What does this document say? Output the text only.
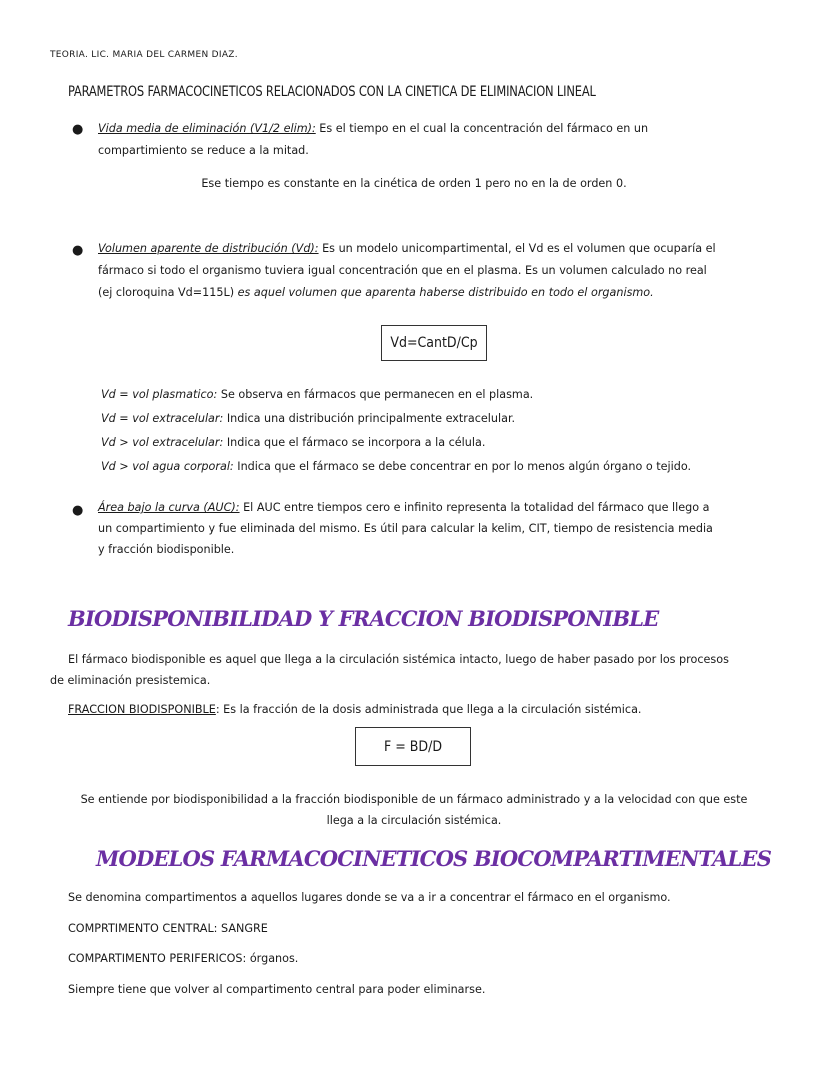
TEORIA. LIC. MARIA DEL CARMEN DIAZ.
PARAMETROS FARMACOCINETICOS RELACIONADOS CON LA CINETICA DE ELIMINACION LINEAL
● Vida media de eliminación (V1/2 elim): Es el tiempo en el cual la concentración del fármaco en un
compartimiento se reduce a la mitad.
Ese tiempo es constante en la cinética de orden 1 pero no en la de orden 0.
● Volumen aparente de distribución (Vd): Es un modelo unicompartimental, el Vd es el volumen que ocuparía el
fármaco si todo el organismo tuviera igual concentración que en el plasma. Es un volumen calculado no real
(ej cloroquina Vd=115L) es aquel volumen que aparenta haberse distribuido en todo el organismo.
Vd=CantD/Cp
Vd = vol plasmatico: Se observa en fármacos que permanecen en el plasma.
Vd = vol extracelular: Indica una distribución principalmente extracelular.
Vd > vol extracelular: Indica que el fármaco se incorpora a la célula.
Vd > vol agua corporal: Indica que el fármaco se debe concentrar en por lo menos algún órgano o tejido.
● Área bajo la curva (AUC): El AUC entre tiempos cero e infinito representa la totalidad del fármaco que llego a
un compartimiento y fue eliminada del mismo. Es útil para calcular la kelim, CIT, tiempo de resistencia media
y fracción biodisponible.
BIODISPONIBILIDAD Y FRACCION BIODISPONIBLE
El fármaco biodisponible es aquel que llega a la circulación sistémica intacto, luego de haber pasado por los procesos
de eliminación presistemica.
FRACCION BIODISPONIBLE: Es la fracción de la dosis administrada que llega a la circulación sistémica.
F = BD/D
Se entiende por biodisponibilidad a la fracción biodisponible de un fármaco administrado y a la velocidad con que este
llega a la circulación sistémica.
MODELOS FARMACOCINETICOS BIOCOMPARTIMENTALES
Se denomina compartimentos a aquellos lugares donde se va a ir a concentrar el fármaco en el organismo.
COMPRTIMENTO CENTRAL: SANGRE
COMPARTIMENTO PERIFERICOS: órganos.
Siempre tiene que volver al compartimento central para poder eliminarse.
